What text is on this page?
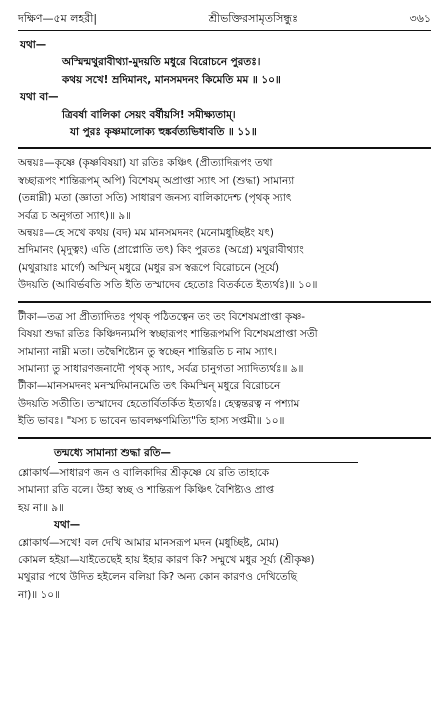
দক্ষিণ—৫ম লহরী|	শ্রীভক্তিরসামৃতসিন্ধুঃ	৩৬১
যথা—
অস্মিন্মথুরাবীথ্যা-মুদয়তি মধুরে বিরোচনে পুরতঃ।
কথয় সখে! ম্রদিমানং, মানসমদনং কিমেতি মম ॥ ১০॥
যথা বা—
ত্রিবর্ষা বালিকা সেয়ং বর্ষীয়সি! সমীক্ষ্যতাম্।
যা পুরঃ কৃষ্ণমালোক্য হুঙ্কর্বত্যভিধাবতি ॥ ১১॥
অন্বয়ঃ—কৃষ্ণে (কৃষ্ণবিষয়া) যা রতিঃ কঞ্চিৎ (প্রীত্যাদিরূপং তথা
স্বচ্ছারূপং শান্তিরূপম্ অপি) বিশেষম্ অপ্রাপ্তা স্যাৎ সা (শুদ্ধা) সামান্যা
(তন্নাম্নী) মতা (জ্ঞাতা সতি) সাধারণ জনস্য বালিকাদেশ্চ (পৃথক্ স্যাৎ
সর্বত্র চ অনুগতা স্যাৎ)॥ ৯॥
অন্বয়ঃ—হে সখে কথয় (বদ) মম মানসমদনং (মনোমধুচ্ছিষ্টং যৎ)
ম্রদিমানং (মৃদুত্বং) এতি (প্রাপ্নোতি তৎ) কিং পুরতঃ (অগ্রে) মথুরাবীথ্যাং
(মথুরায়াঃ মার্গে) অস্মিন্ মধুরে (মধুর রস স্বরূপে বিরোচনে (সূর্যে)
উদয়তি (আবির্ভবতি সতি ইতি তস্মাদেব হেতোঃ বিতর্কতে ইত্যর্থঃ)॥ ১০॥
টীকা—তত্র সা প্রীত্যাদিতঃ পৃথক্ পঠিতত্বেন তং তং বিশেষমপ্রাপ্তা কৃষ্ণ-
বিষয়া শুদ্ধা রতিঃ কিঞ্চিদন্যমপি স্বচ্ছারূপং শান্তিরূপমপি বিশেষমপ্রাপ্তা সতী
সামান্যা নাম্নী মতা। তদ্বৈশিষ্ট্যেন তু স্বচ্ছেন শান্তিরতি চ নাম স্যাৎ।
সামান্যা তু সাধারণজনাদৌ পৃথক্ স্যাৎ, সর্বত্র চানুগতা স্যাদিত্যর্থঃ॥ ৯॥
টীকা—মানসমদনং মনস্মদিমানমেতি তৎ কিমস্মিন্ মধুরে বিরোচনে
উদয়তি সতীতি। তস্মাদেব হেতোর্বিতর্কিত ইত্যর্থঃ। হেত্বন্তরত্ব ন পশ্যাম
ইতি ভাবঃ। "যস্য চ ভাবেন ভাবলক্ষণমিত্যি"তি হাস্য সপ্তমী॥ ১০॥
তন্মধ্যে সামান্যা শুদ্ধা রতি—
শ্লোকার্থ—সাধারণ জন ও বালিকাদির শ্রীকৃষ্ণে যে রতি তাহাকে
সামান্যা রতি বলে। উহা স্বচ্ছ ও শান্তিরূপ কিঞ্চিৎ বৈশিষ্ট্যও প্রাপ্ত
হয় না॥ ৯॥
যথা—
শ্লোকার্থ—সখে! বল দেখি আমার মানসরূপ মদন (মধুচ্ছিষ্ট, মোম)
কোমল হইয়া—যাইতেছেই হায় ইহার কারণ কি? সম্মুখে মধুর সূর্য্য (শ্রীকৃষ্ণ)
মথুরার পথে উদিত হইলেন বলিয়া কি? অন্য কোন কারণও দেখিতেছি
না)॥ ১০॥
